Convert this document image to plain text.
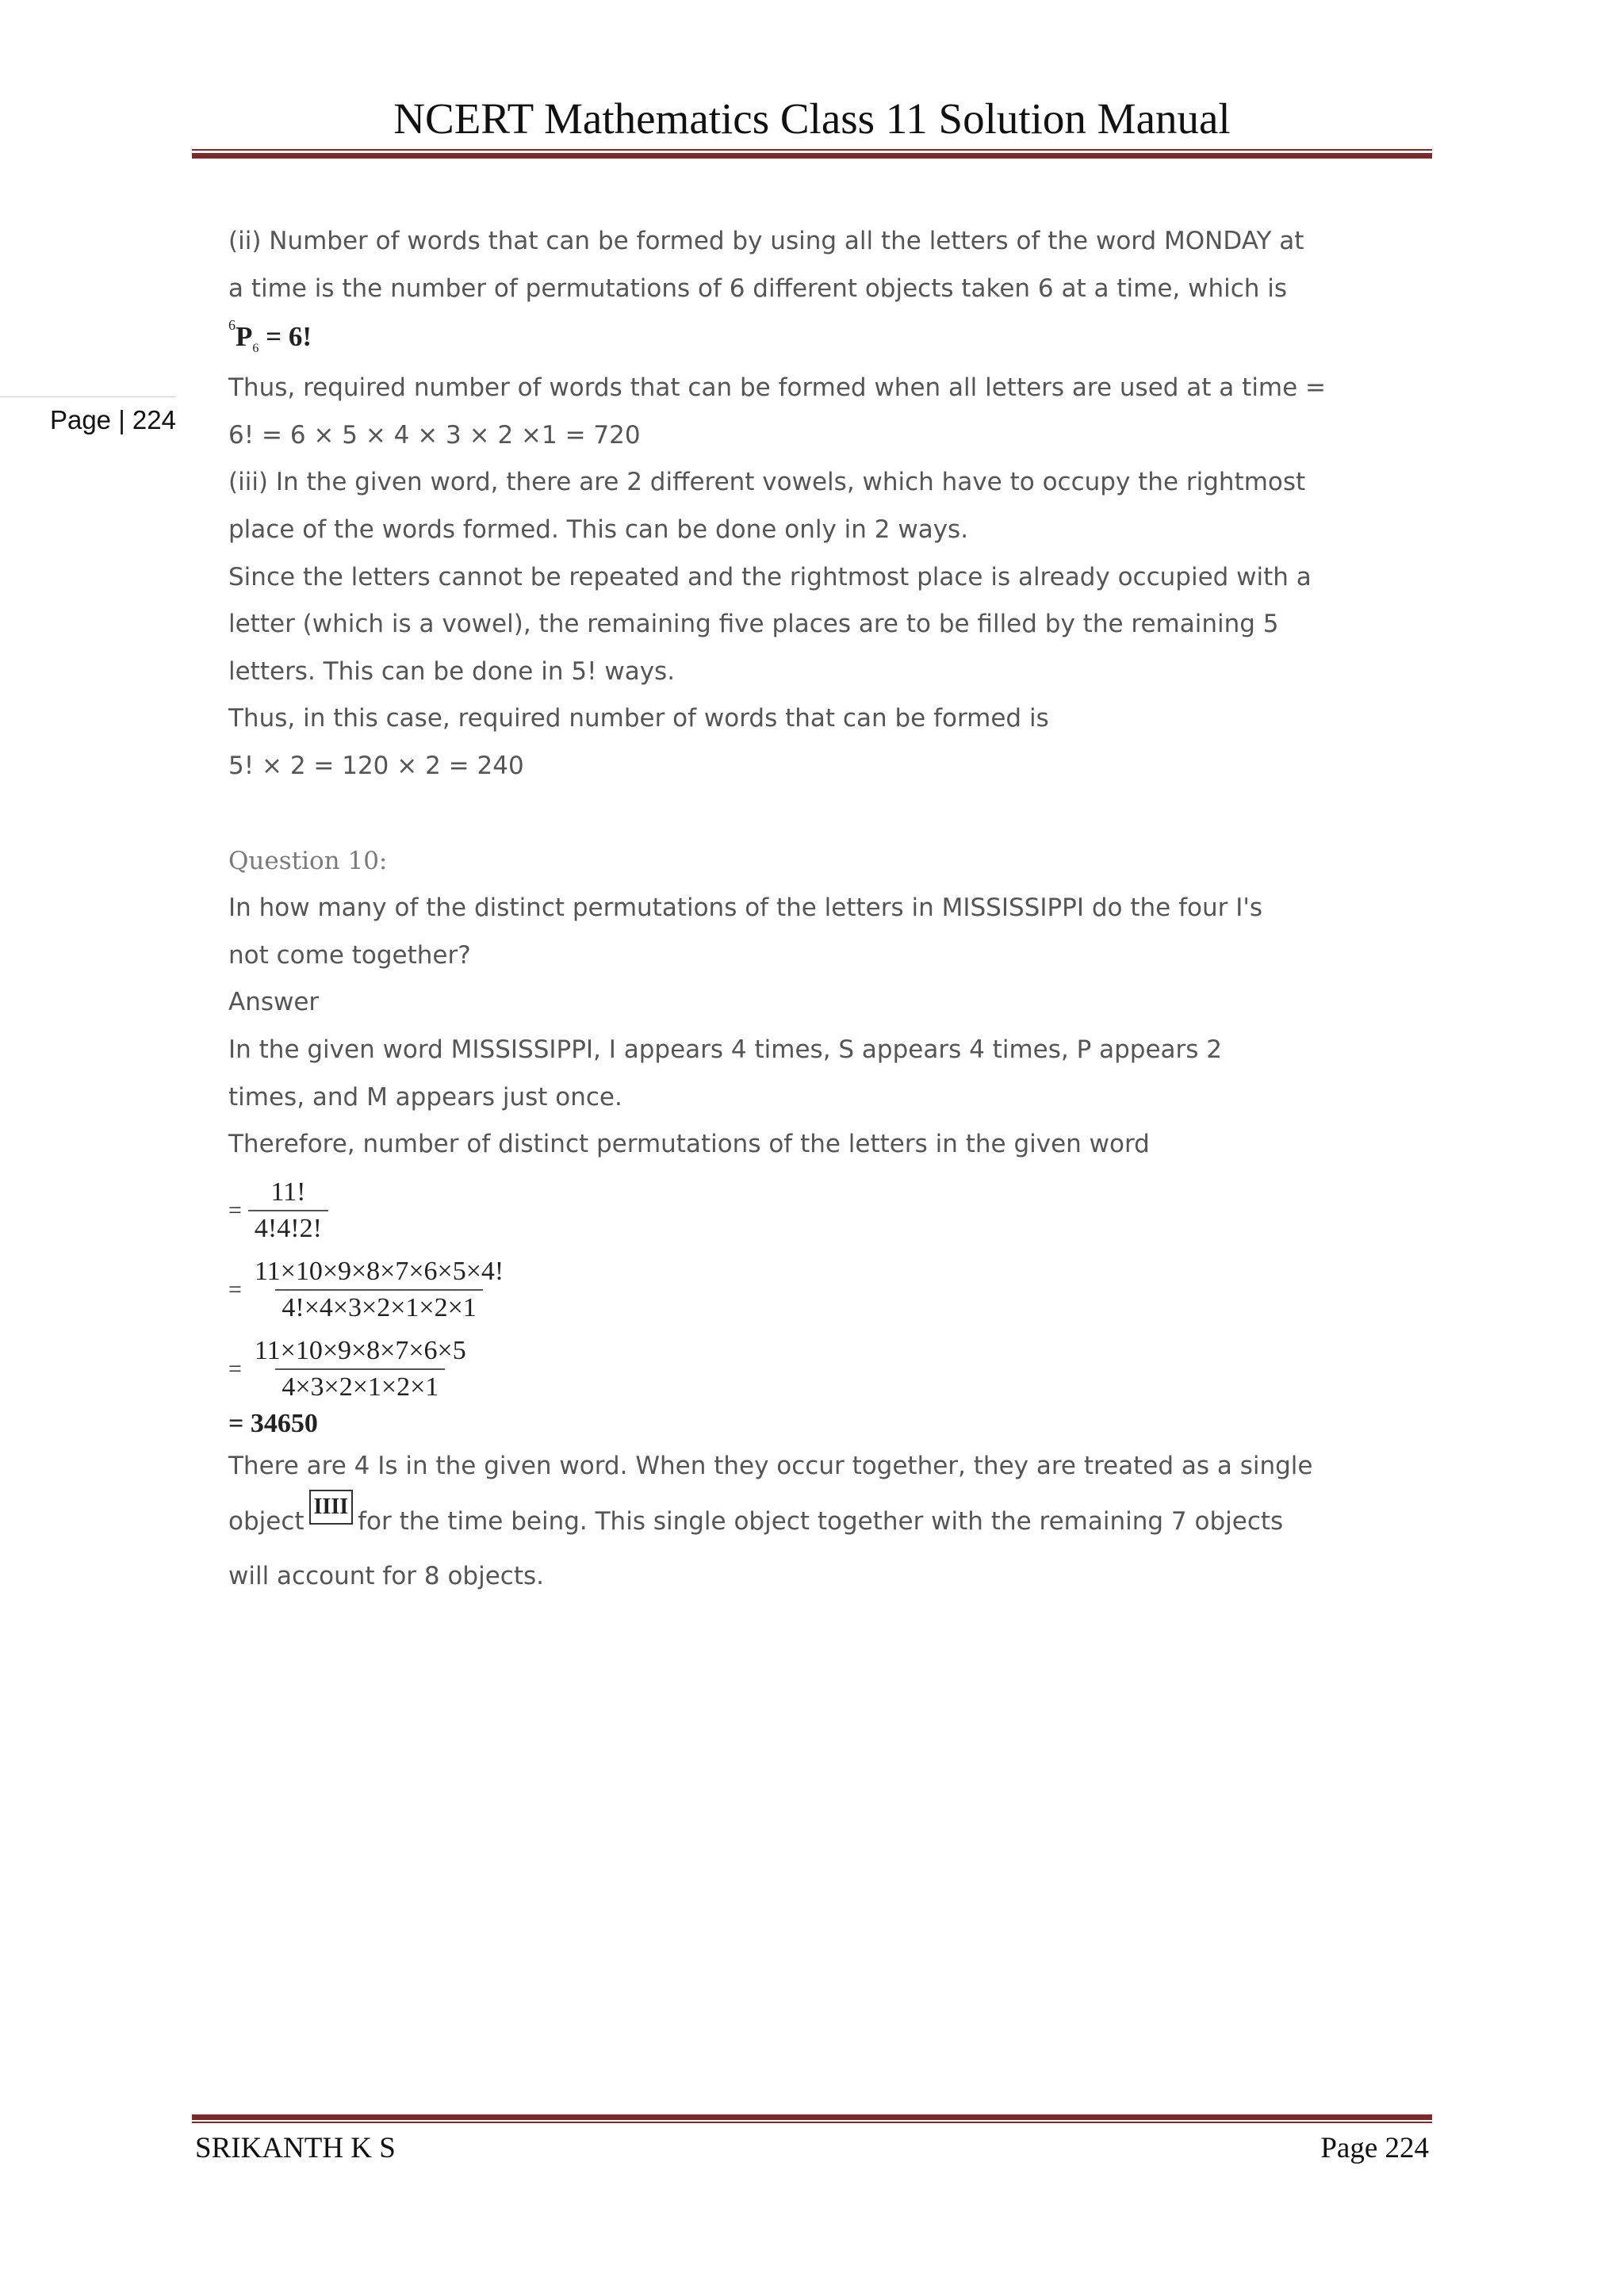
NCERT Mathematics Class 11 Solution Manual
Page | 224
(ii) Number of words that can be formed by using all the letters of the word MONDAY at
a time is the number of permutations of 6 different objects taken 6 at a time, which is
$^6P_6 = 6$!
Thus, required number of words that can be formed when all letters are used at a time =
6! = 6 × 5 × 4 × 3 × 2 ×1 = 720
(iii) In the given word, there are 2 different vowels, which have to occupy the rightmost
place of the words formed. This can be done only in 2 ways.
Since the letters cannot be repeated and the rightmost place is already occupied with a
letter (which is a vowel), the remaining five places are to be filled by the remaining 5
letters. This can be done in 5! ways.
Thus, in this case, required number of words that can be formed is
5! × 2 = 120 × 2 = 240
Question 10:
In how many of the distinct permutations of the letters in MISSISSIPPI do the four I's
not come together?
Answer
In the given word MISSISSIPPI, I appears 4 times, S appears 4 times, P appears 2
times, and M appears just once.
Therefore, number of distinct permutations of the letters in the given word
= $\frac{11!}{4!4!2!}$
= $\frac{11\times 10\times 9\times 8\times 7\times 6\times 5\times 4!}{4!\times 4\times 3\times 2\times 1\times 2\times 1}$
= $\frac{11\times 10\times 9\times 8\times 7\times 6\times 5}{4\times 3\times 2\times 1\times 2\times 1}$
= 34650
There are 4 Is in the given word. When they occur together, they are treated as a single
objectIIIIfor the time being. This single object together with the remaining 7 objects
will account for 8 objects.
SRIKANTH K S	Page 224
